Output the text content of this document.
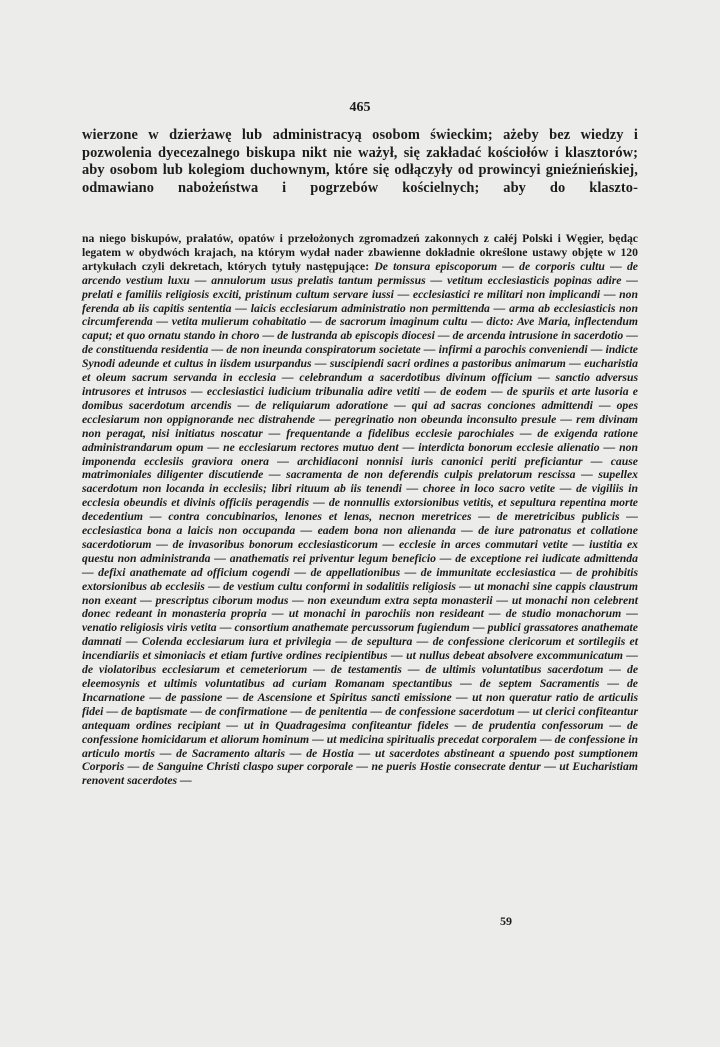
465

wierzone w dzierżawę lub administracyą osobom świeckim; ażeby bez wiedzy i pozwolenia dyecezalnego biskupa nikt nie ważył, się zakładać kościołów i klasztorów; aby osobom lub kolegiom duchownym, które się odłączyły od prowincyi gnieźnieńskiej, odmawiano nabożeństwa i pogrzebów kościelnych; aby do klaszto-

na niego biskupów, prałatów, opatów i przełożonych zgromadzeń zakonnych z całéj Polski i Węgier, będąc legatem w obydwóch krajach, na którym wydał nader zbawienne dokładnie określone ustawy objęte w 120 artykułach czyli dekretach, których tytuły następujące: De tonsura episcoporum — de corporis cultu — de arcendo vestium luxu — annulorum usus prelatis tantum permissus — vetitum ecclesiasticis popinas adire — prelati e familiis religiosis exciti, pristinum cultum servare iussi — ecclesiastici re militari non implicandi — non ferenda ab iis capitis sententia — laicis ecclesiarum administratio non permittenda — arma ab ecclesiasticis non circumferenda — vetita mulierum cohabitatio — de sacrorum imaginum cultu — dicto: Ave Maria, inflectendum caput; et quo ornatu stando in choro — de lustranda ab episcopis diocesi — de arcenda intrusione in sacerdotio — de constituenda residentia — de non ineunda conspiratorum societate — infirmi a parochis conveniendi — indicte Synodi adeunde et cultus in iisdem usurpandus — suscipiendi sacri ordines a pastoribus animarum — eucharistia et oleum sacrum servanda in ecclesia — celebrandum a sacerdotibus divinum officium — sanctio adversus intrusores et intrusos — ecclesiastici iudicium tribunalia adire vetiti — de eodem — de spuriis et arte lusoria e domibus sacerdotum arcendis — de reliquiarum adoratione — qui ad sacras conciones admittendi — opes ecclesiarum non oppignorande nec distrahende — peregrinatio non obeunda inconsulto presule — rem divinam non peragat, nisi initiatus noscatur — frequentande a fidelibus ecclesie parochiales — de exigenda ratione administrandarum opum — ne ecclesiarum rectores mutuo dent — interdicta bonorum ecclesie alienatio — non imponenda ecclesiis graviora onera — archidiaconi nonnisi iuris canonici periti preficiantur — cause matrimoniales diligenter discutiende — sacramenta de non deferendis culpis prelatorum rescissa — supellex sacerdotum non locanda in ecclesiis; libri rituum ab iis tenendi — choree in loco sacro vetite — de vigiliis in ecclesia obeundis et divinis officiis peragendis — de nonnullis extorsionibus vetitis, et sepultura repentina morte decedentium — contra concubinarios, lenones et lenas, necnon meretrices — de meretricibus publicis — ecclesiastica bona a laicis non occupanda — eadem bona non alienanda — de iure patronatus et collatione sacerdotiorum — de invasoribus bonorum ecclesiasticorum — ecclesie in arces commutari vetite — iustitia ex questu non administranda — anathematis rei priventur legum beneficio — de exceptione rei iudicate admittenda — defixi anathemate ad officium cogendi — de appellationibus — de immunitate ecclesiastica — de prohibitis extorsionibus ab ecclesiis — de vestium cultu conformi in sodalitiis religiosis — ut monachi sine cappis claustrum non exeant — prescriptus ciborum modus — non exeundum extra septa monasterii — ut monachi non celebrent donec redeant in monasteria propria — ut monachi in parochiis non resideant — de studio monachorum — venatio religiosis viris vetita — consortium anathemate percussorum fugiendum — publici grassatores anathemate damnati — Colenda ecclesiarum iura et privilegia — de sepultura — de confessione clericorum et sortilegiis et incendiariis et simoniacis et etiam furtive ordines recipientibus — ut nullus debeat absolvere excommunicatum — de violatoribus ecclesiarum et cemeteriorum — de testamentis — de ultimis voluntatibus sacerdotum — de eleemosynis et ultimis voluntatibus ad curiam Romanam spectantibus — de septem Sacramentis — de Incarnatione — de passione — de Ascensione et Spiritus sancti emissione — ut non queratur ratio de articulis fidei — de baptismate — de confirmatione — de penitentia — de confessione sacerdotum — ut clerici confiteantur antequam ordines recipiant — ut in Quadragesima confiteantur fideles — de prudentia confessorum — de confessione homicidarum et aliorum hominum — ut medicina spiritualis precedat corporalem — de confessione in articulo mortis — de Sacramento altaris — de Hostia — ut sacerdotes abstineant a spuendo post sumptionem Corporis — de Sanguine Christi claspo super corporale — ne pueris Hostie consecrate dentur — ut Eucharistiam renovent sacerdotes —

59
